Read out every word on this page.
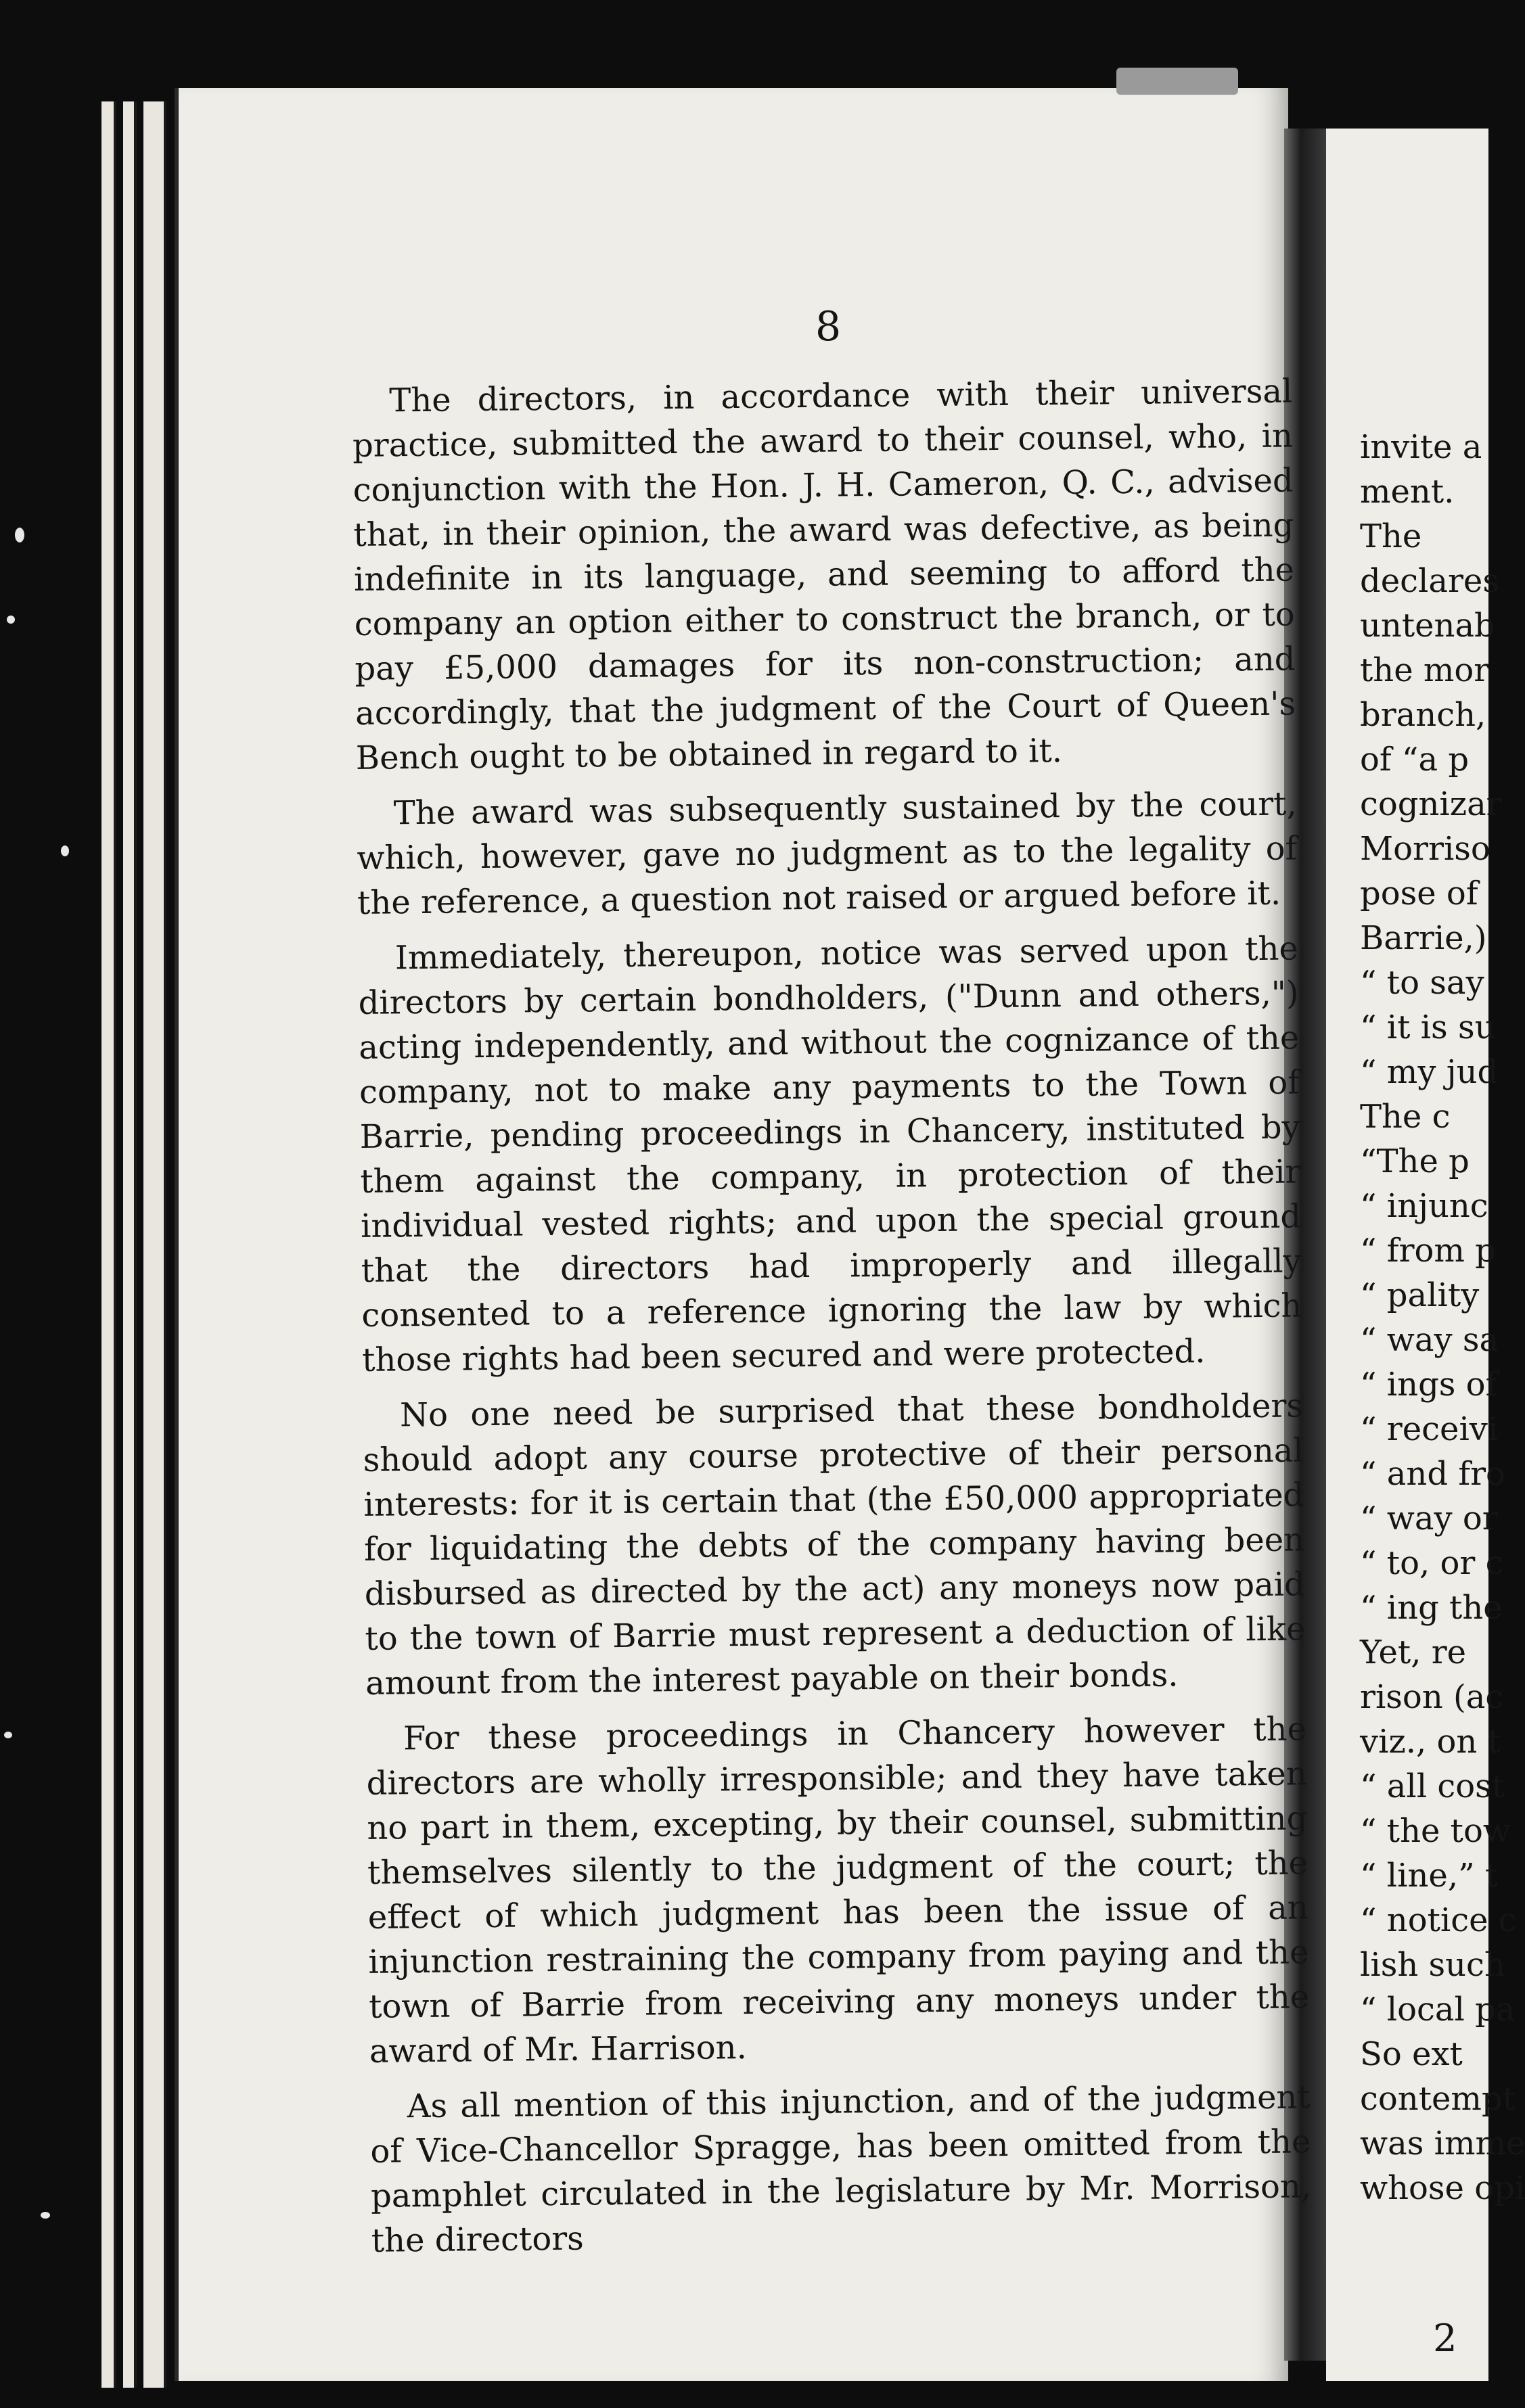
8

The directors, in accordance with their universal practice, submitted the award to their counsel, who, in conjunction with the Hon. J. H. Cameron, Q. C., advised that, in their opinion, the award was defective, as being indefinite in its language, and seeming to afford the company an option either to construct the branch, or to pay £5,000 damages for its non-construction; and accordingly, that the judgment of the Court of Queen's Bench ought to be obtained in regard to it.

The award was subsequently sustained by the court, which, however, gave no judgment as to the legality of the reference, a question not raised or argued before it.

Immediately, thereupon, notice was served upon the directors by certain bondholders, ("Dunn and others,") acting independently, and without the cognizance of the company, not to make any payments to the Town of Barrie, pending proceedings in Chancery, instituted by them against the company, in protection of their individual vested rights; and upon the special ground that the directors had improperly and illegally consented to a reference ignoring the law by which those rights had been secured and were protected.

No one need be surprised that these bondholders should adopt any course protective of their personal interests: for it is certain that (the £50,000 appropriated for liquidating the debts of the company having been disbursed as directed by the act) any moneys now paid to the town of Barrie must represent a deduction of like amount from the interest payable on their bonds.

For these proceedings in Chancery however the directors are wholly irresponsible; and they have taken no part in them, excepting, by their counsel, submitting themselves silently to the judgment of the court; the effect of which judgment has been the issue of an injunction restraining the company from paying and the town of Barrie from receiving any moneys under the award of Mr. Harrison.

As all mention of this injunction, and of the judgment of Vice-Chancellor Spragge, has been omitted from the pamphlet circulated in the legislature by Mr. Morrison, the directors

invite a

ment.

The

declares

untenab

the mor

branch,

of “a p

cognizar

Morriso

pose of

Barrie,)

“ to say

“ it is su

“ my jud

The c

“The p

“ injunc

“ from p

“ pality

“ way sa

“ ings of

“ receivi

“ and fro

“ way or

“ to, or c

“ ing the

Yet, re

rison (ac

viz., on t

“ all cost

“ the tow

“ line,” t

“ notice c

lish such

“ local pa

So ext

contempt

was imme

whose opi

2
